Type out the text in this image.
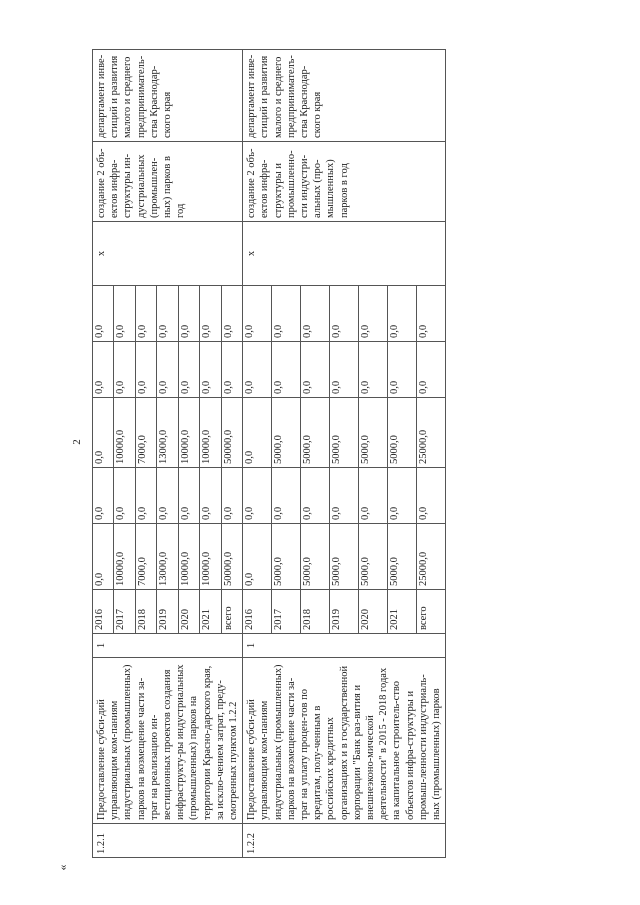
2
«
1.2.1	Предоставление субси-дий управляющим ком-паниям индустриальных (промышленных) парков на возмещение части за-трат на реализацию ин-вестиционных проектов создания инфраструкту-ры индустриальных (промышленных) парков на территории Красно-дарского края, за исклю-чением затрат, преду-смотренных пунктом 1.2.2	1	2016	0,0	0,0	0,0	0,0	0,0	x	создание 2 объ-ектов инфра-структуры ин-дустриальных (промышлен-ных) парков в год	департамент инве-стиций и развития малого и среднего предприниматель-ства Краснодар-ского края
			2017	10000,0	0,0	10000,0	0,0	0,0			
			2018	7000,0	0,0	7000,0	0,0	0,0			
			2019	13000,0	0,0	13000,0	0,0	0,0			
			2020	10000,0	0,0	10000,0	0,0	0,0			
			2021	10000,0	0,0	10000,0	0,0	0,0			
			всего	50000,0	0,0	50000,0	0,0	0,0			
1.2.2	Предоставление субси-дий управляющим ком-паниям индустриальных (промышленных) парков на возмещение части за-трат на уплату процен-тов по кредитам, полу-ченным в российских кредитных организациях и в государственной корпорации "Банк раз-вития и внешнеэконо-мической деятельности" в 2015 - 2018 годах на капитальное строитель-ство объектов инфра-структуры и промыш-ленности индустриаль-ных (промышленных) парков	1	2016	0,0	0,0	0,0	0,0	0,0	x	создание 2 объ-ектов инфра-структуры и промышленно-сти индустри-альных (про-мышленных) парков в год	департамент инве-стиций и развития малого и среднего предпринимателъ-ства Краснодар-ского края
			2017	5000,0	0,0	5000,0	0,0	0,0			
			2018	5000,0	0,0	5000,0	0,0	0,0			
			2019	5000,0	0,0	5000,0	0,0	0,0			
			2020	5000,0	0,0	5000,0	0,0	0,0			
			2021	5000,0	0,0	5000,0	0,0	0,0			
			всего	25000,0	0,0	25000,0	0,0	0,0			
